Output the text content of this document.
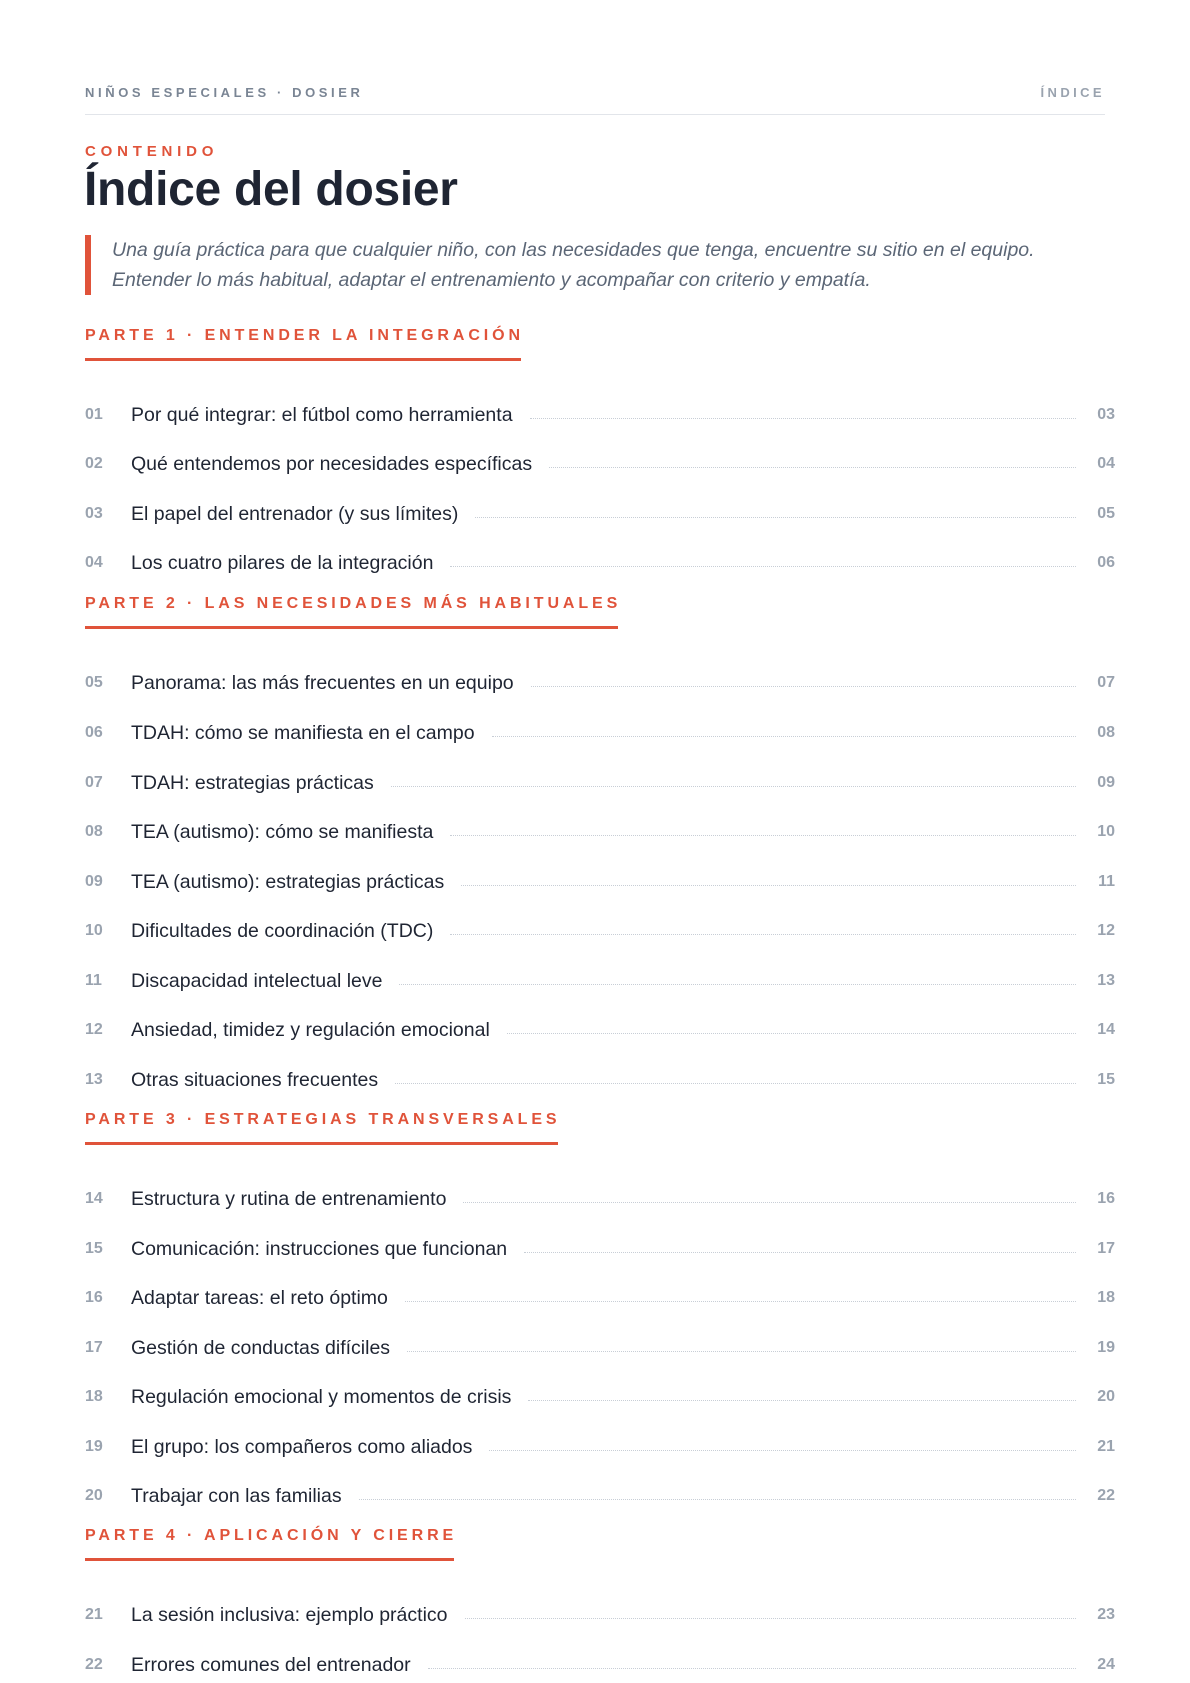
NIÑOS ESPECIALES · DOSIER	ÍNDICE
CONTENIDO
Índice del dosier

Una guía práctica para que cualquier niño, con las necesidades que tenga, encuentre su sitio en el equipo.

Entender lo más habitual, adaptar el entrenamiento y acompañar con criterio y empatía.

PARTE 1 · ENTENDER LA INTEGRACIÓN
01	Por qué integrar: el fútbol como herramienta	03
02	Qué entendemos por necesidades específicas	04
03	El papel del entrenador (y sus límites)	05
04	Los cuatro pilares de la integración	06
PARTE 2 · LAS NECESIDADES MÁS HABITUALES
05	Panorama: las más frecuentes en un equipo	07
06	TDAH: cómo se manifiesta en el campo	08
07	TDAH: estrategias prácticas	09
08	TEA (autismo): cómo se manifiesta	10
09	TEA (autismo): estrategias prácticas	11
10	Dificultades de coordinación (TDC)	12
11	Discapacidad intelectual leve	13
12	Ansiedad, timidez y regulación emocional	14
13	Otras situaciones frecuentes	15
PARTE 3 · ESTRATEGIAS TRANSVERSALES
14	Estructura y rutina de entrenamiento	16
15	Comunicación: instrucciones que funcionan	17
16	Adaptar tareas: el reto óptimo	18
17	Gestión de conductas difíciles	19
18	Regulación emocional y momentos de crisis	20
19	El grupo: los compañeros como aliados	21
20	Trabajar con las familias	22
PARTE 4 · APLICACIÓN Y CIERRE
21	La sesión inclusiva: ejemplo práctico	23
22	Errores comunes del entrenador	24
